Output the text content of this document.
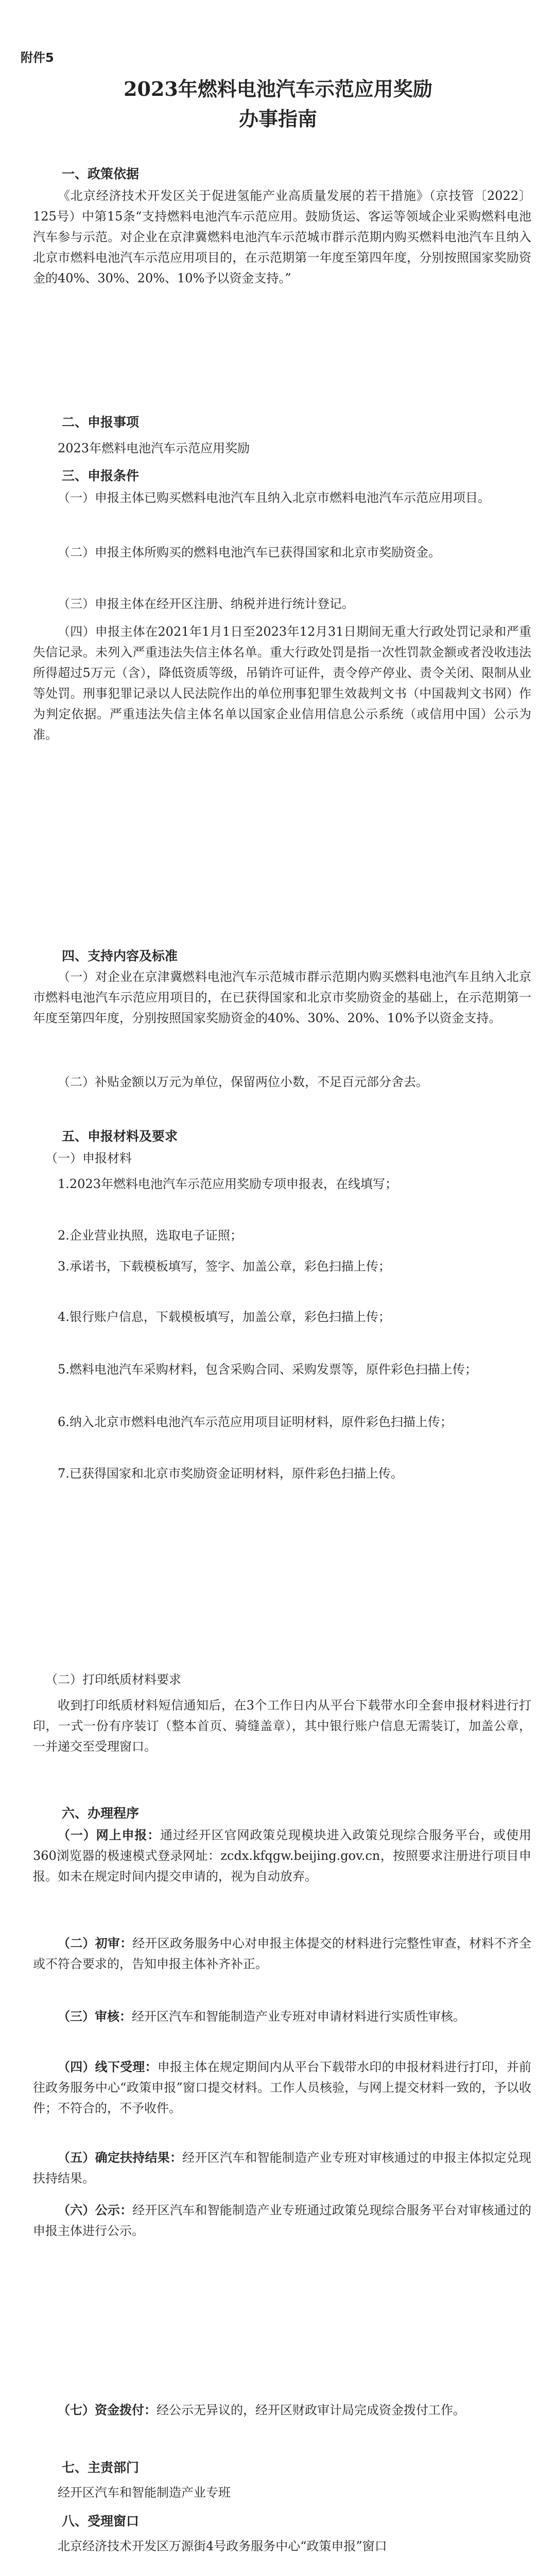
附件5
2023年燃料电池汽车示范应用奖励
办事指南
一、政策依据
《北京经济技术开发区关于促进氢能产业高质量发展的若干措施》（京技管〔2022〕125号）中第15条“支持燃料电池汽车示范应用。鼓励货运、客运等领域企业采购燃料电池汽车参与示范。对企业在京津冀燃料电池汽车示范城市群示范期内购买燃料电池汽车且纳入北京市燃料电池汽车示范应用项目的，在示范期第一年度至第四年度，分别按照国家奖励资金的40%、30%、20%、10%予以资金支持。”
二、申报事项
2023年燃料电池汽车示范应用奖励
三、申报条件
（一）申报主体已购买燃料电池汽车且纳入北京市燃料电池汽车示范应用项目。
（二）申报主体所购买的燃料电池汽车已获得国家和北京市奖励资金。
（三）申报主体在经开区注册、纳税并进行统计登记。
（四）申报主体在2021年1月1日至2023年12月31日期间无重大行政处罚记录和严重失信记录。未列入严重违法失信主体名单。重大行政处罚是指一次性罚款金额或者没收违法所得超过5万元（含），降低资质等级，吊销许可证件，责令停产停业、责令关闭、限制从业等处罚。刑事犯罪记录以人民法院作出的单位刑事犯罪生效裁判文书（中国裁判文书网）作为判定依据。严重违法失信主体名单以国家企业信用信息公示系统（或信用中国）公示为准。
四、支持内容及标准
（一）对企业在京津冀燃料电池汽车示范城市群示范期内购买燃料电池汽车且纳入北京市燃料电池汽车示范应用项目的，在已获得国家和北京市奖励资金的基础上，在示范期第一年度至第四年度，分别按照国家奖励资金的40%、30%、20%、10%予以资金支持。
（二）补贴金额以万元为单位，保留两位小数，不足百元部分舍去。
五、申报材料及要求
（一）申报材料
1.2023年燃料电池汽车示范应用奖励专项申报表，在线填写；
2.企业营业执照，选取电子证照；
3.承诺书，下载模板填写，签字、加盖公章，彩色扫描上传；
4.银行账户信息，下载模板填写，加盖公章，彩色扫描上传；
5.燃料电池汽车采购材料，包含采购合同、采购发票等，原件彩色扫描上传；
6.纳入北京市燃料电池汽车示范应用项目证明材料，原件彩色扫描上传；
7.已获得国家和北京市奖励资金证明材料，原件彩色扫描上传。
（二）打印纸质材料要求
收到打印纸质材料短信通知后，在3个工作日内从平台下载带水印全套申报材料进行打印，一式一份有序装订（整本首页、骑缝盖章），其中银行账户信息无需装订，加盖公章，一并递交至受理窗口。
六、办理程序
（一）网上申报：通过经开区官网政策兑现模块进入政策兑现综合服务平台，或使用360浏览器的极速模式登录网址：zcdx.kfqgw.beijing.gov.cn，按照要求注册进行项目申报。如未在规定时间内提交申请的，视为自动放弃。
（二）初审：经开区政务服务中心对申报主体提交的材料进行完整性审查，材料不齐全或不符合要求的，告知申报主体补齐补正。
（三）审核：经开区汽车和智能制造产业专班对申请材料进行实质性审核。
（四）线下受理：申报主体在规定期间内从平台下载带水印的申报材料进行打印，并前往政务服务中心“政策申报”窗口提交材料。工作人员核验，与网上提交材料一致的，予以收件；不符合的，不予收件。
（五）确定扶持结果：经开区汽车和智能制造产业专班对审核通过的申报主体拟定兑现扶持结果。
（六）公示：经开区汽车和智能制造产业专班通过政策兑现综合服务平台对审核通过的申报主体进行公示。
（七）资金拨付：经公示无异议的，经开区财政审计局完成资金拨付工作。
七、主责部门
经开区汽车和智能制造产业专班
八、受理窗口
北京经济技术开发区万源街4号政务服务中心“政策申报”窗口
